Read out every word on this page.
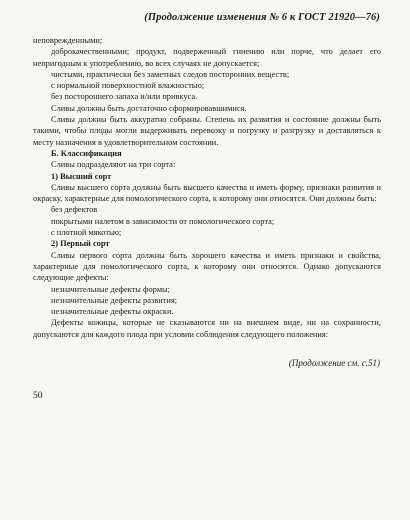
(Продолжение изменения № 6 к ГОСТ 21920—76)

неповрежденными;

доброкачественными; продукт, подверженный гниению или порче, что делает его непригодным к употреблению, во всех случаях не допускается;

чистыми, практически без заметных следов посторонних веществ;

с нормальной поверхностной влажностью;

без постороннего запаха и/или привкуса.

Сливы должны быть достаточно сформировавшимися.

Сливы должны быть аккуратно собраны. Степень их развития и состояние должны быть такими, чтобы плоды могли выдерживать перевозку и погрузку и разгрузку и доставляться к месту назначения в удовлетворительном состоянии.

Б. Классификация

Сливы подразделяют на три сорта:

1) Высший сорт

Сливы высшего сорта должны быть высшего качества и иметь форму, признаки развития и окраску, характерные для помологического сорта, к которому они относятся. Они должны быть:

без дефектов

покрытыми налетом в зависимости от помологического сорта;

с плотной мякотью;

2) Первый сорт

Сливы первого сорта должны быть хорошего качества и иметь признаки и свойства, характерные для помологического сорта, к которому они относятся. Однако допускаются следующие дефекты:

незначительные дефекты формы;

незначительные дефекты развития;

незначительные дефекты окраски.

Дефекты кожицы, которые не сказываются ни на внешнем виде, ни на сохранности, допускаются для каждого плода при условии соблюдения следующего положения:

(Продолжение см. с.51)
50
